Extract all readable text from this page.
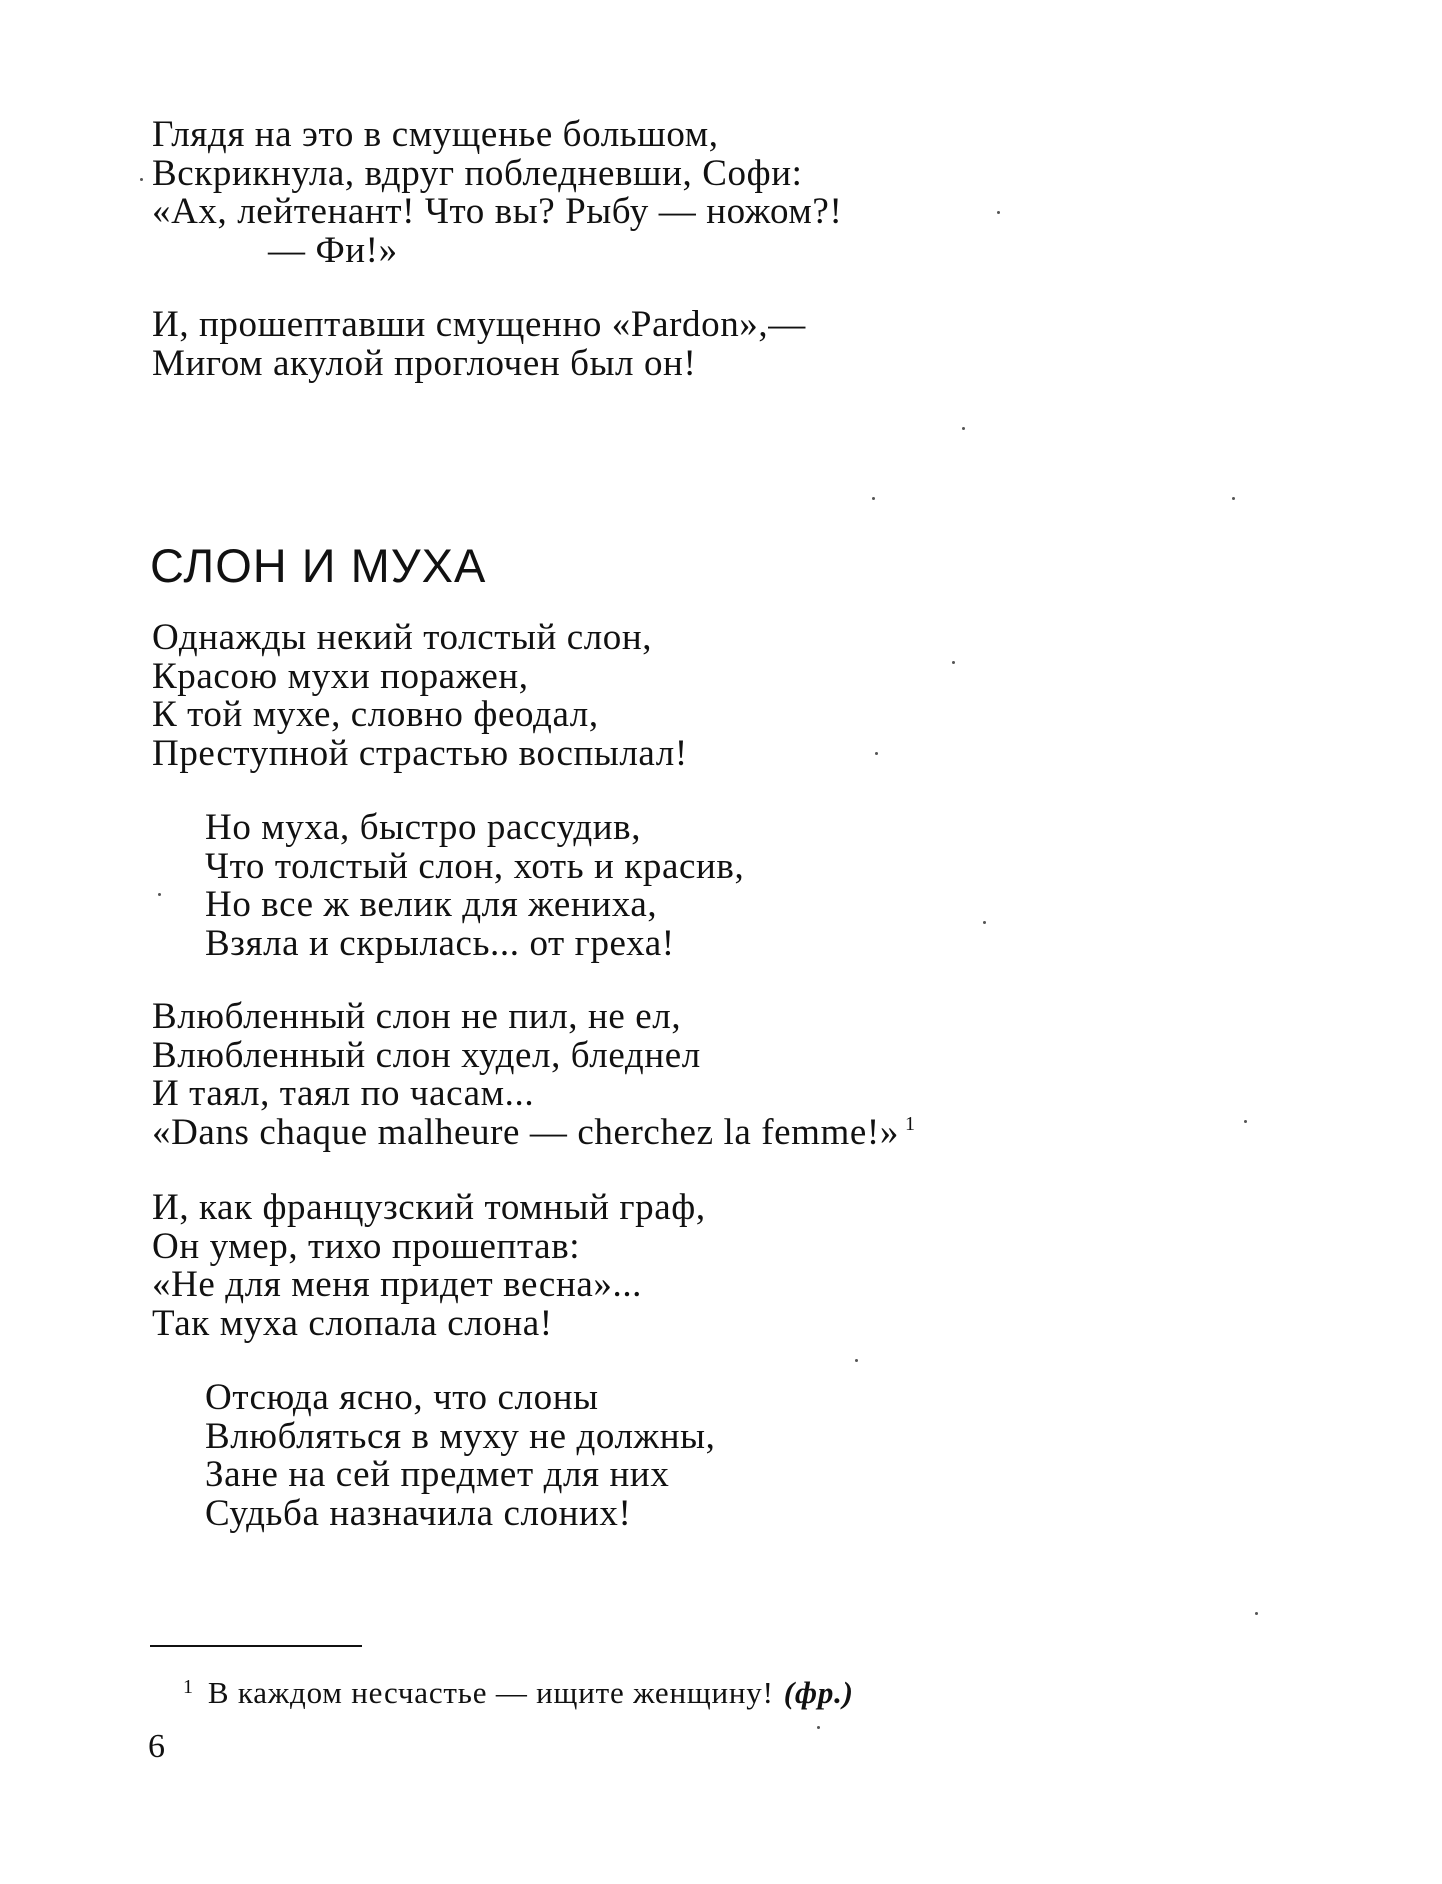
Глядя на это в смущенье большом,
Вскрикнула, вдруг побледневши, Софи:
«Ах, лейтенант! Что вы? Рыбу — ножом?!
— Фи!»
И, прошептавши смущенно «Pardon»,—
Мигом акулой проглочен был он!
СЛОН И МУХА
Однажды некий толстый слон,
Красою мухи поражен,
К той мухе, словно феодал,
Преступной страстью воспылал!
Но муха, быстро рассудив,
Что толстый слон, хоть и красив,
Но все ж велик для жениха,
Взяла и скрылась... от греха!
Влюбленный слон не пил, не ел,
Влюбленный слон худел, бледнел
И таял, таял по часам...
«Dans chaque malheure — cherchez la femme!» $^1$
И, как французский томный граф,
Он умер, тихо прошептав:
«Не для меня придет весна»...
Так муха слопала слона!
Отсюда ясно, что слоны
Влюбляться в муху не должны,
Зане на сей предмет для них
Судьба назначила слоних!
$^1$ В каждом несчастье — ищите женщину! (фр.)
6
